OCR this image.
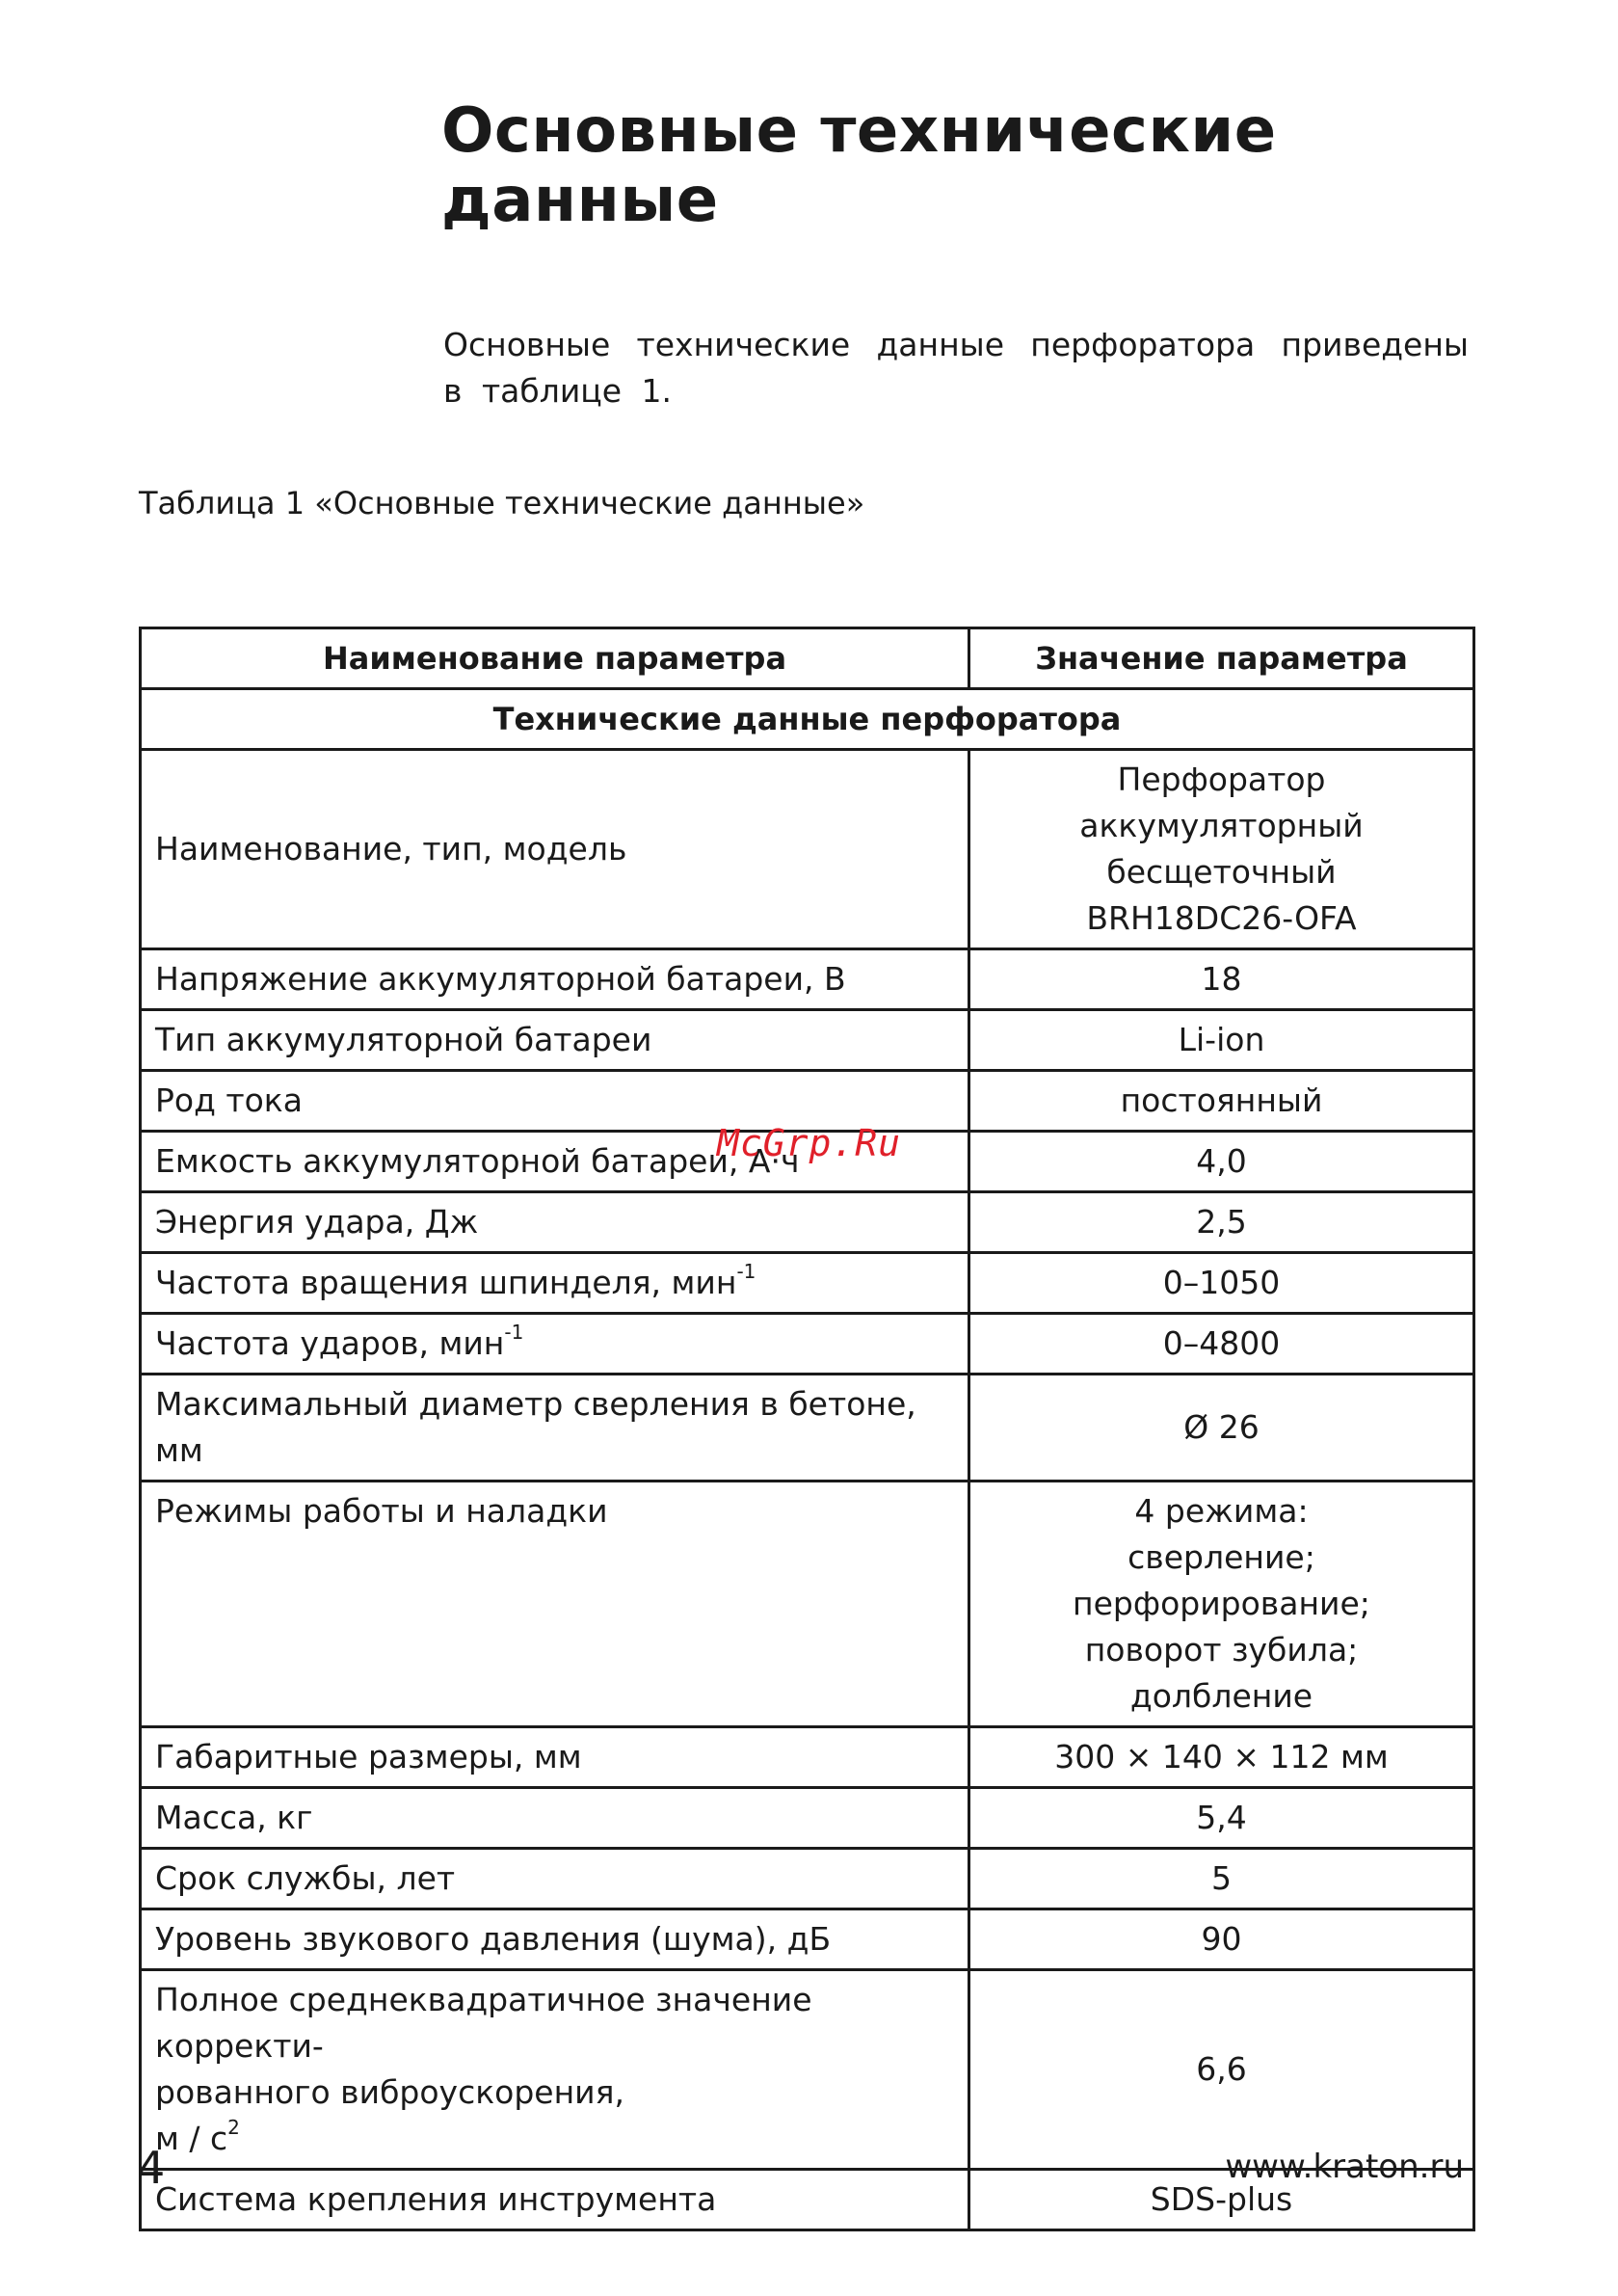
Основные технические
данные

Основные технические данные перфоратора приведены в таблице 1.

Таблица 1 «Основные технические данные»

Наименование параметра	Значение параметра
Технические данные перфоратора	
Наименование, тип, модель	Перфоратор аккумуляторный
бесщеточный
BRH18DC26-OFA

Напряжение аккумуляторной батареи, В	18
Тип аккумуляторной батареи	Li-ion
Род тока	постоянный
Емкость аккумуляторной батареи, А·ч	4,0
Энергия удара, Дж	2,5
Частота вращения шпинделя, мин$^{-1}$	0–1050
Частота ударов, мин$^{-1}$	0–4800
Максимальный диаметр сверления в бетоне, мм	Ø 26
Режимы работы и наладки	4 режима:
сверление;
перфорирование;
поворот зубила;
долбление

Габаритные размеры, мм	300 × 140 × 112 мм
Масса, кг	5,4
Срок службы, лет	5
Уровень звукового давления (шума), дБ	90

Полное среднеквадратичное значение корректи-
рованного виброускорения,
м / $с^2$	6,6
Система крепления инструмента	SDS-plus
McGrp.Ru
4	www.kraton.ru
